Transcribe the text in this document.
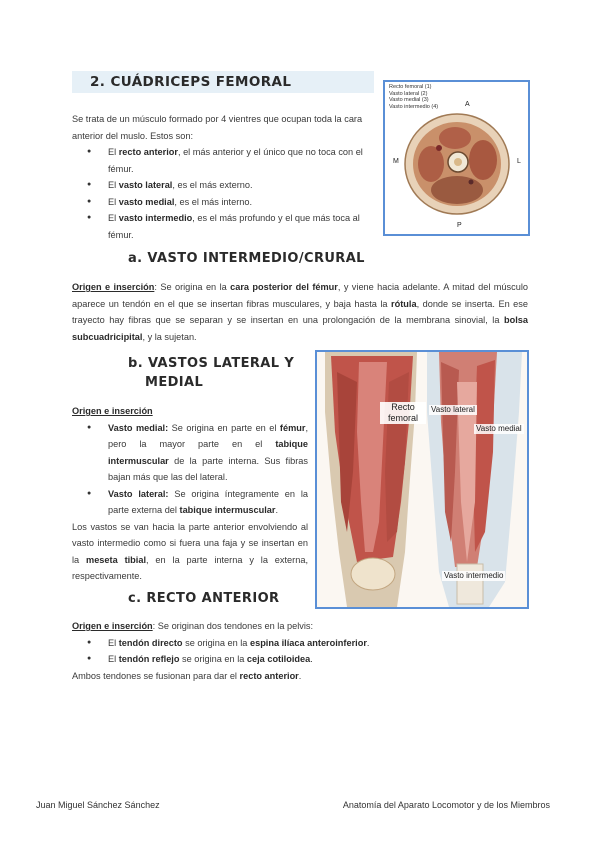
2. CUÁDRICEPS FEMORAL
Se trata de un músculo formado por 4 vientres que ocupan toda la cara anterior del muslo. Estos son:
● El recto anterior, el más anterior y el único que no toca con el fémur.
● El vasto lateral, es el más externo.
● El vasto medial, es el más interno.
● El vasto intermedio, es el más profundo y el que más toca al fémur.
Recto femoral (1)
Vasto lateral (2)
Vasto medial (3)
Vasto intermedio (4)	A
M	L
P
a. VASTO INTERMEDIO/CRURAL
Origen e inserción: Se origina en la cara posterior del fémur, y viene hacia adelante. A mitad del músculo aparece un tendón en el que se insertan fibras musculares, y baja hasta la rótula, donde se inserta. En ese trayecto hay fibras que se separan y se insertan en una prolongación de la membrana sinovial, la bolsa subcuadricipital, y la sujetan.
b. VASTOS LATERAL Y
MEDIAL
Origen e inserción
● Vasto medial: Se origina en parte en el fémur, pero la mayor parte en el tabique intermuscular de la parte interna. Sus fibras bajan más que las del lateral.
● Vasto lateral: Se origina íntegramente en la parte externa del tabique intermuscular.
Los vastos se van hacia la parte anterior envolviendo al vasto intermedio como si fuera una faja y se insertan en la meseta tibial, en la parte interna y la externa, respectivamente.
Recto femoral
Vasto lateral
Vasto medial
Vasto intermedio
c. RECTO ANTERIOR
Origen e inserción: Se originan dos tendones en la pelvis:
● El tendón directo se origina en la espina ilíaca anteroinferior.
● El tendón reflejo se origina en la ceja cotiloidea.
Ambos tendones se fusionan para dar el recto anterior.
Juan Miguel Sánchez Sánchez	Anatomía del Aparato Locomotor y de los Miembros
